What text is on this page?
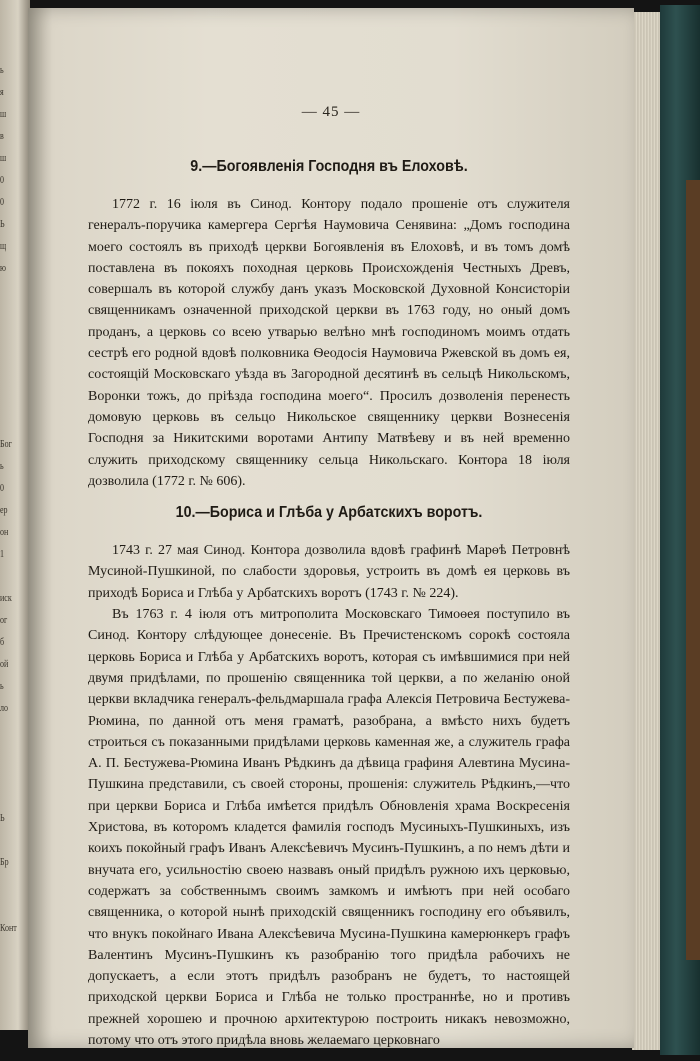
ь
я
ш
в
ш
0
0
Ь
щ
ю
Бог
ь
0
ер
он
1
иск
ог
б
ой
ь
ло
Ь
Бр
Конт
— 45 —
9.—Богоявленія Господня въ Елоховѣ.

1772 г. 16 іюля въ Синод. Контору подало прошеніе отъ служителя генералъ-поручика камергера Сергѣя Наумовича Сенявина: „Домъ господина моего состоялъ въ приходѣ церкви Богоявленія въ Елоховѣ, и въ томъ домѣ поставлена въ покояхъ походная церковь Происхожденія Честныхъ Древъ, совершалъ въ которой службу данъ указъ Московской Духовной Консисторіи священникамъ означенной приходской церкви въ 1763 году, но оный домъ проданъ, а церковь со всею утварью велѣно мнѣ господиномъ моимъ отдать сестрѣ его родной вдовѣ полковника Ѳеодосія Наумовича Ржевской въ домъ ея, состоящій Московскаго уѣзда въ Загородной десятинѣ въ сельцѣ Никольскомъ, Воронки тожъ, до пріѣзда господина моего“. Просилъ дозволенія перенесть домовую церковь въ сельцо Никольское священнику церкви Вознесенія Господня за Никитскими воротами Антипу Матвѣеву и въ ней временно служить приходскому священнику сельца Никольскаго. Контора 18 іюля дозволила (1772 г. № 606).

10.—Бориса и Глѣба у Арбатскихъ воротъ.

1743 г. 27 мая Синод. Контора дозволила вдовѣ графинѣ Марѳѣ Петровнѣ Мусиной-Пушкиной, по слабости здоровья, устроить въ домѣ ея церковь въ приходѣ Бориса и Глѣба у Арбатскихъ воротъ (1743 г. № 224).

Въ 1763 г. 4 іюля отъ митрополита Московскаго Тимоѳея поступило въ Синод. Контору слѣдующее донесеніе. Въ Пречистенскомъ сорокѣ состояла церковь Бориса и Глѣба у Арбатскихъ воротъ, которая съ имѣвшимися при ней двумя придѣлами, по прошенію священника той церкви, а по желанію оной церкви вкладчика генералъ-фельдмаршала графа Алексія Петровича Бестужева-Рюмина, по данной отъ меня граматѣ, разобрана, а вмѣсто нихъ будетъ строиться съ показанными придѣлами церковь каменная же, а служитель графа А. П. Бестужева-Рюмина Иванъ Рѣдкинъ да дѣвица графиня Алевтина Мусина-Пушкина представили, съ своей стороны, прошенія: служитель Рѣдкинъ,—что при церкви Бориса и Глѣба имѣется придѣлъ Обновленія храма Воскресенія Христова, въ которомъ кладется фамилія господъ Мусиныхъ-Пушкиныхъ, изъ коихъ покойный графъ Иванъ Алексѣевичъ Мусинъ-Пушкинъ, а по немъ дѣти и внучата его, усильностію своею назвавъ оный придѣлъ ружною ихъ церковью, содержатъ за собственнымъ своимъ замкомъ и имѣютъ при ней особаго священника, о которой нынѣ приходскій священникъ господину его объявилъ, что внукъ покойнаго Ивана Алексѣевича Мусина-Пушкина камерюнкеръ графъ Валентинъ Мусинъ-Пушкинъ къ разобранію того придѣла рабочихъ не допускаетъ, а если этотъ придѣлъ разобранъ не будетъ, то настоящей приходской церкви Бориса и Глѣба не только пространнѣе, но и противъ прежней хорошею и прочною архитектурою построить никакъ невозможно, потому что отъ этого придѣла вновь желаемаго церковнаго
